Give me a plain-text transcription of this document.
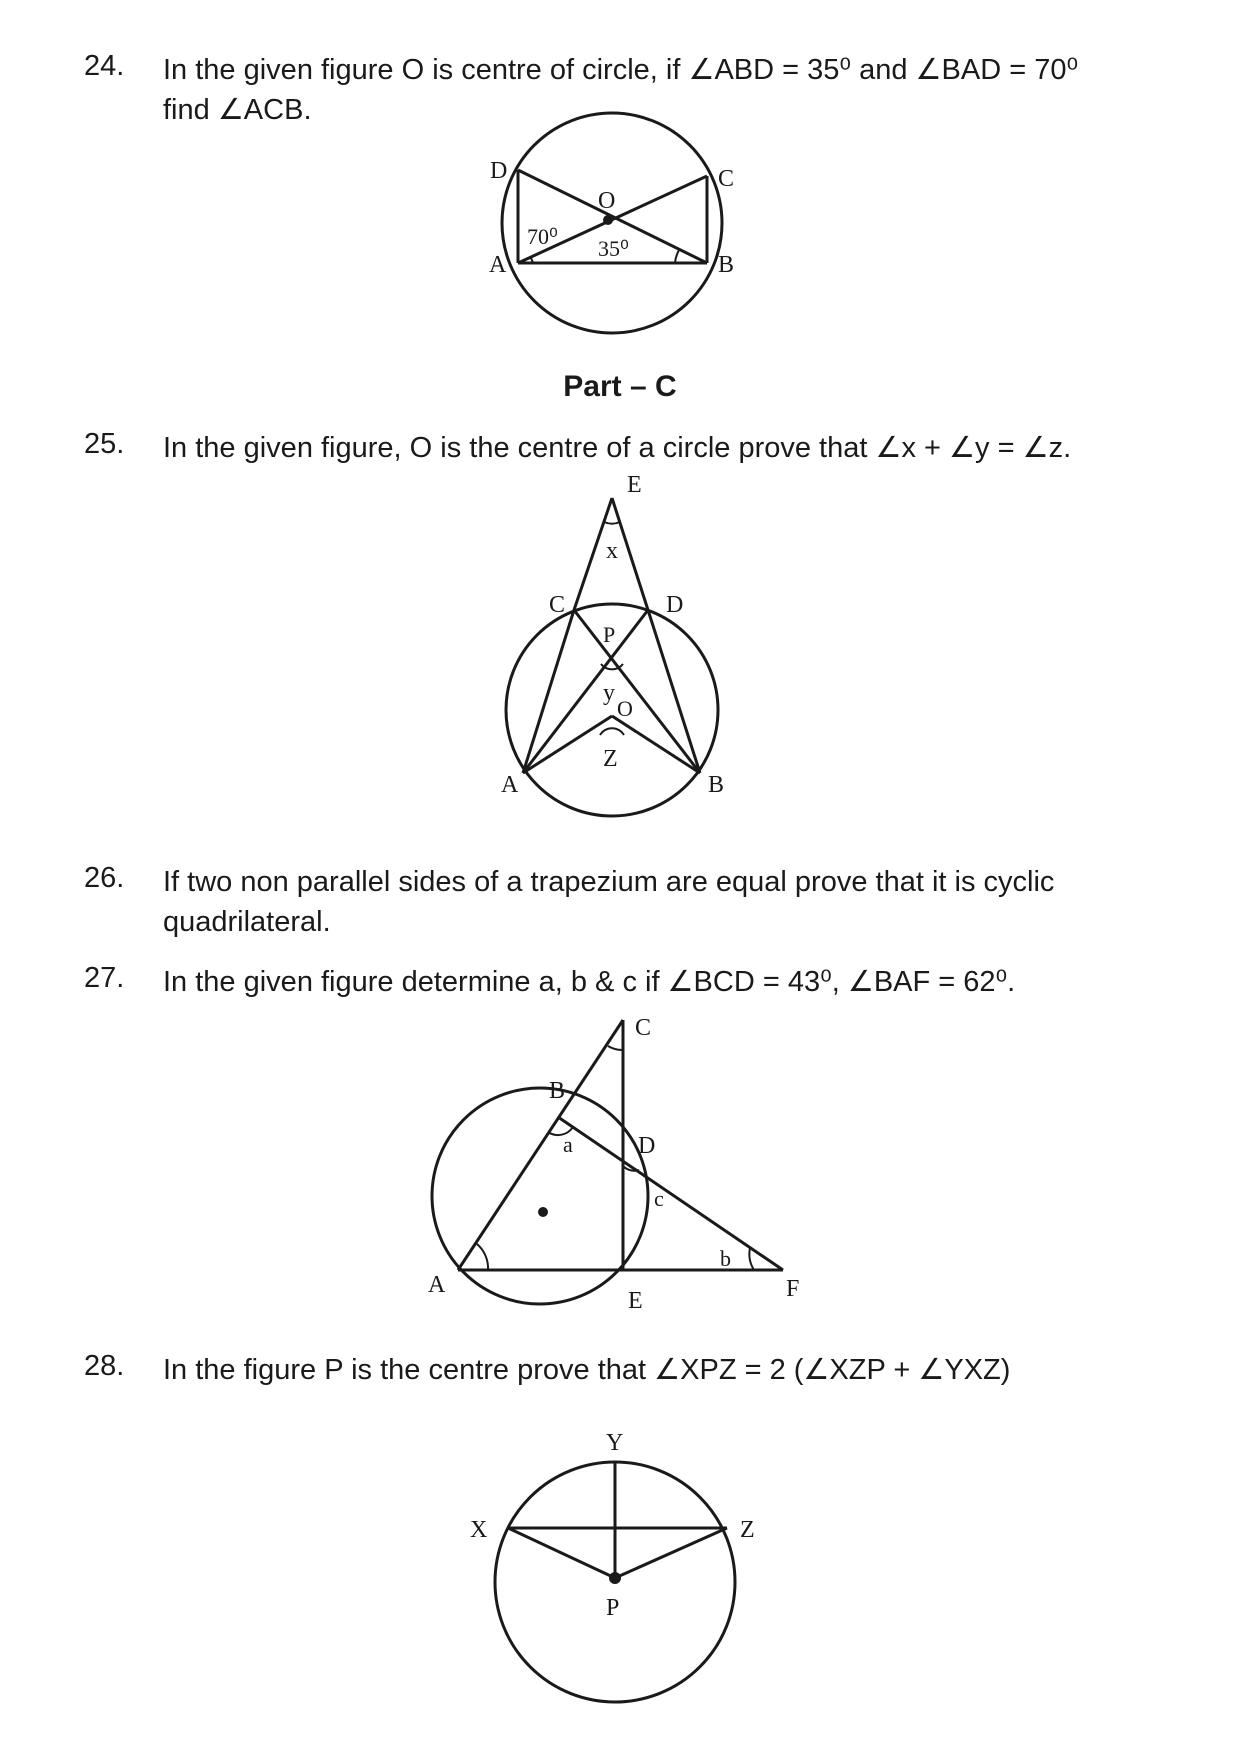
24. In the given figure O is centre of circle, if ∠ABD = 35⁰ and ∠BAD = 70⁰
find ∠ACB.
Part – C
25. In the given figure, O is the centre of a circle prove that ∠x + ∠y = ∠z.
26. If two non parallel sides of a trapezium are equal prove that it is cyclic
quadrilateral.
27. In the given figure determine a, b & c if ∠BCD = 43⁰, ∠BAF = 62⁰.
28. In the figure P is the centre prove that ∠XPZ = 2 (∠XZP + ∠YXZ)
D	C
O
A	B
70⁰ 35⁰
E
x
C	D
P
y
O
Z
A	B
C
B
a	D
c
b
A
E	F
Y
X	Z
P
